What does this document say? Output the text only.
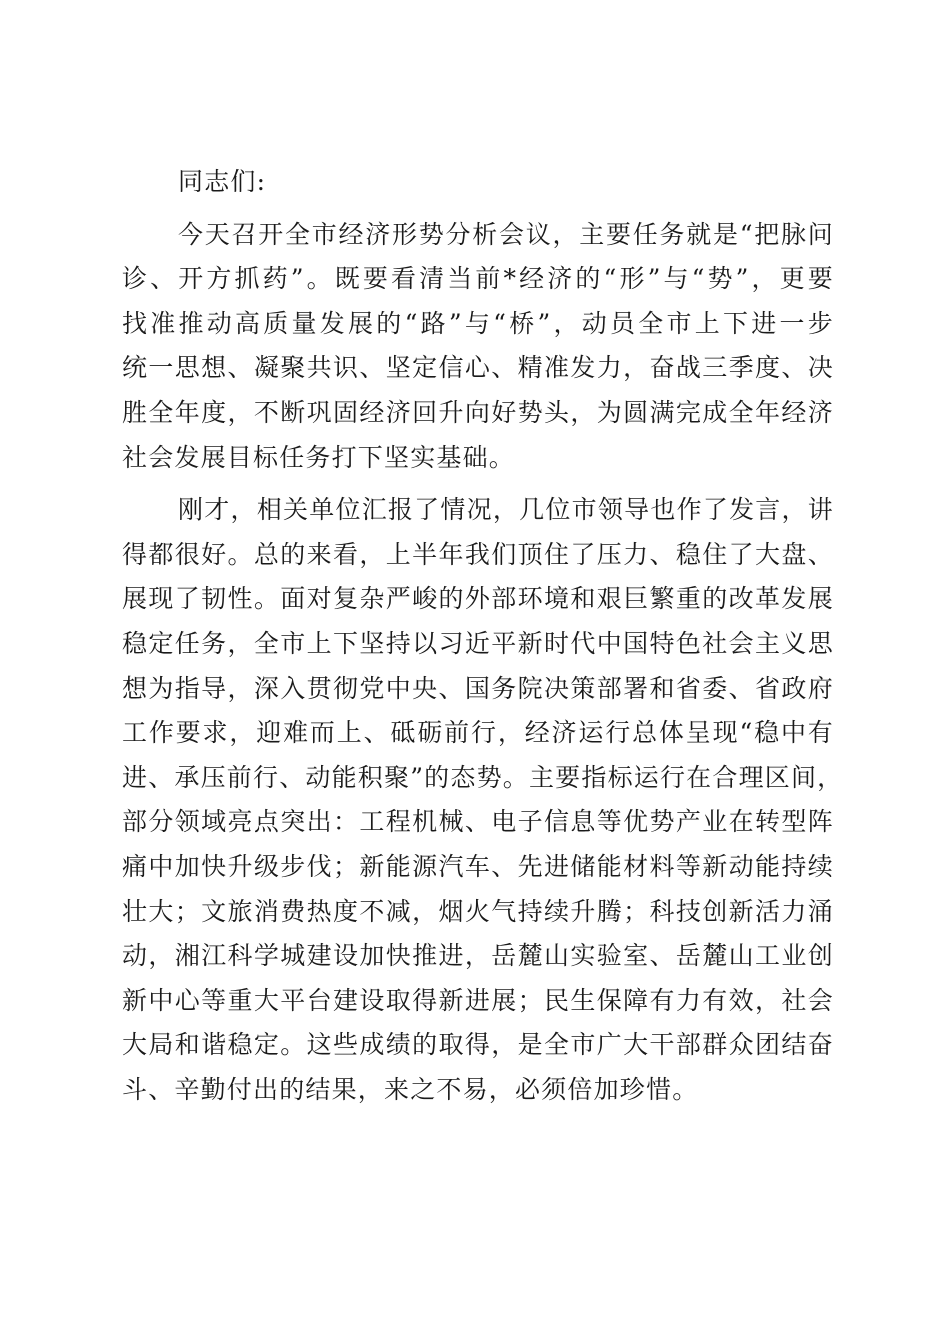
同志们:
今天召开全市经济形势分析会议，主要任务就是“把脉问
诊、开方抓药”。既要看清当前*经济的“形”与“势”，更要
找准推动高质量发展的“路”与“桥”，动员全市上下进一步
统一思想、凝聚共识、坚定信心、精准发力，奋战三季度、决
胜全年度，不断巩固经济回升向好势头，为圆满完成全年经济
社会发展目标任务打下坚实基础。
刚才，相关单位汇报了情况，几位市领导也作了发言，讲
得都很好。总的来看，上半年我们顶住了压力、稳住了大盘、
展现了韧性。面对复杂严峻的外部环境和艰巨繁重的改革发展
稳定任务，全市上下坚持以习近平新时代中国特色社会主义思
想为指导，深入贯彻党中央、国务院决策部署和省委、省政府
工作要求，迎难而上、砥砺前行，经济运行总体呈现“稳中有
进、承压前行、动能积聚”的态势。主要指标运行在合理区间，
部分领域亮点突出：工程机械、电子信息等优势产业在转型阵
痛中加快升级步伐；新能源汽车、先进储能材料等新动能持续
壮大；文旅消费热度不减，烟火气持续升腾；科技创新活力涌
动，湘江科学城建设加快推进，岳麓山实验室、岳麓山工业创
新中心等重大平台建设取得新进展；民生保障有力有效，社会
大局和谐稳定。这些成绩的取得，是全市广大干部群众团结奋
斗、辛勤付出的结果，来之不易，必须倍加珍惜。
